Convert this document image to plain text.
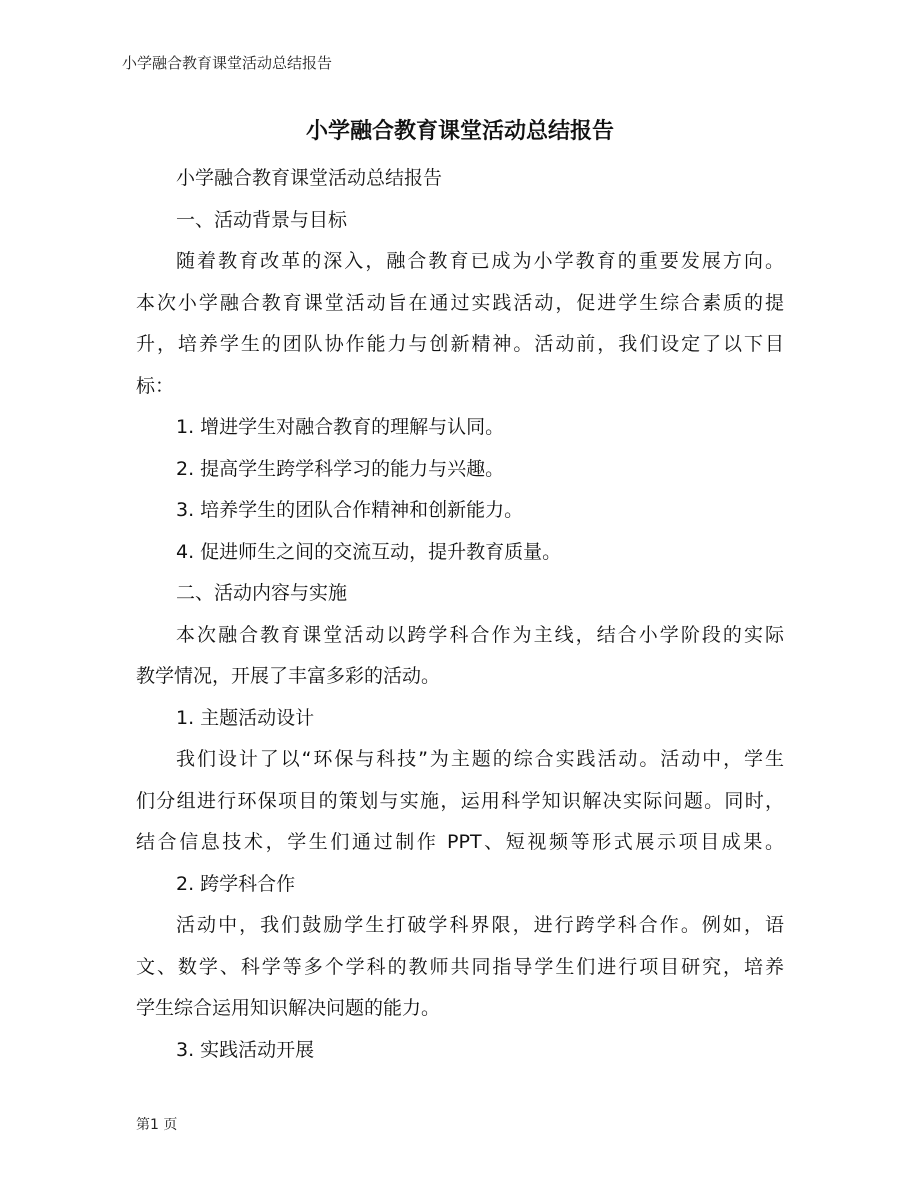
小学融合教育课堂活动总结报告
小学融合教育课堂活动总结报告
小学融合教育课堂活动总结报告
一、活动背景与目标
随着教育改革的深入，融合教育已成为小学教育的重要发展方向。
本次小学融合教育课堂活动旨在通过实践活动，促进学生综合素质的提
升，培养学生的团队协作能力与创新精神。活动前，我们设定了以下目
标：
1. 增进学生对融合教育的理解与认同。
2. 提高学生跨学科学习的能力与兴趣。
3. 培养学生的团队合作精神和创新能力。
4. 促进师生之间的交流互动，提升教育质量。
二、活动内容与实施
本次融合教育课堂活动以跨学科合作为主线，结合小学阶段的实际
教学情况，开展了丰富多彩的活动。
1. 主题活动设计
我们设计了以“环保与科技”为主题的综合实践活动。活动中，学生
们分组进行环保项目的策划与实施，运用科学知识解决实际问题。同时，
结合信息技术，学生们通过制作 PPT、短视频等形式展示项目成果。
2. 跨学科合作
活动中，我们鼓励学生打破学科界限，进行跨学科合作。例如，语
文、数学、科学等多个学科的教师共同指导学生们进行项目研究，培养
学生综合运用知识解决问题的能力。
3. 实践活动开展
第1 页
